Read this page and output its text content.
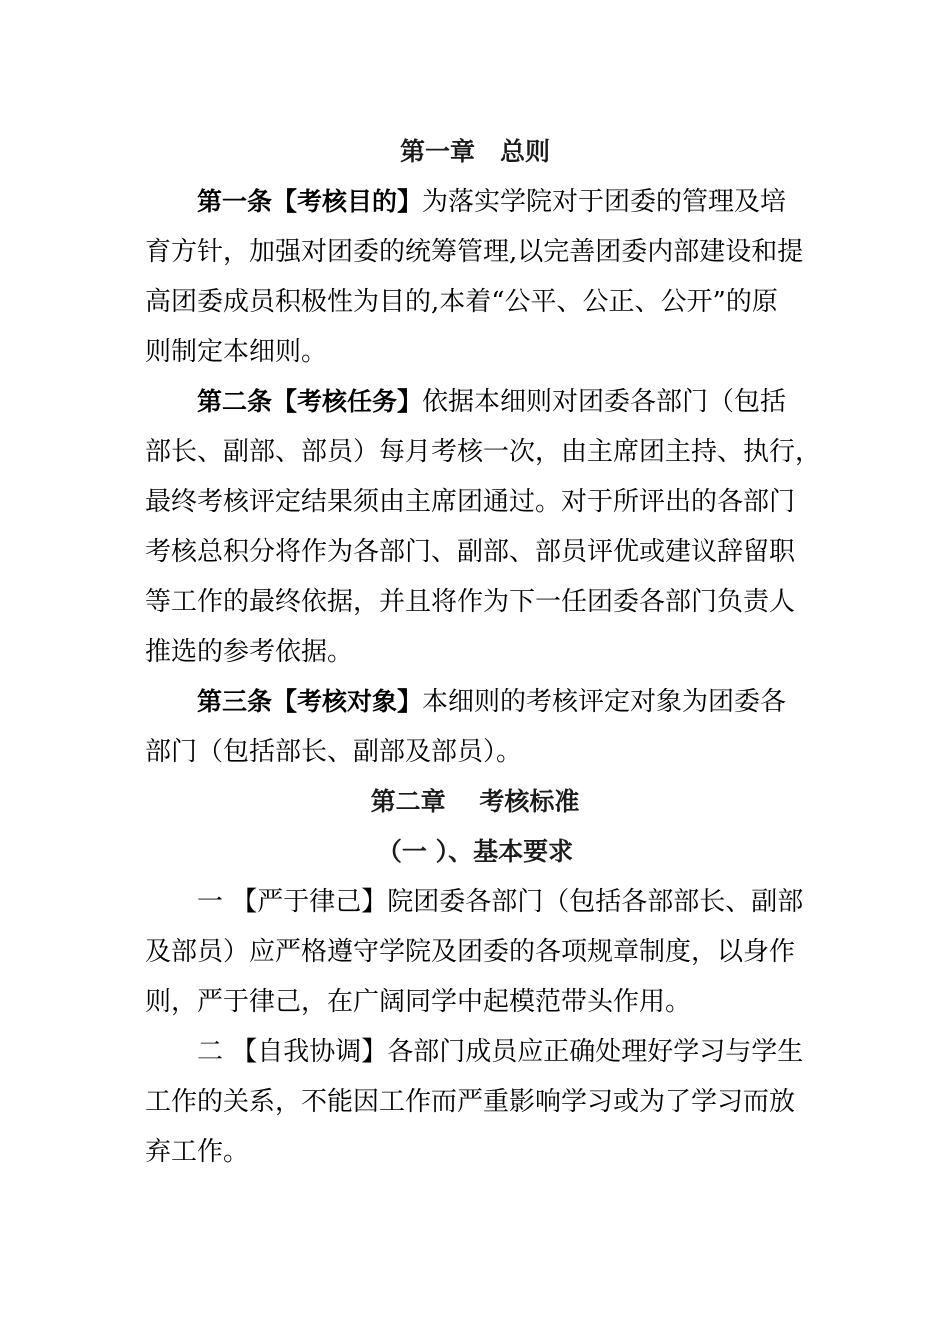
第一章　总则
第一条【考核目的】为落实学院对于团委的管理及培
育方针，加强对团委的统筹管理,以完善团委内部建设和提
高团委成员积极性为目的,本着“公平、公正、公开”的原
则制定本细则。
第二条【考核任务】依据本细则对团委各部门（包括
部长、副部、部员）每月考核一次，由主席团主持、执行，
最终考核评定结果须由主席团通过。对于所评出的各部门
考核总积分将作为各部门、副部、部员评优或建议辞留职
等工作的最终依据，并且将作为下一任团委各部门负责人
推选的参考依据。
第三条【考核对象】本细则的考核评定对象为团委各
部门（包括部长、副部及部员）。
第二章　 考核标准
（一 ）、基本要求
一 【严于律己】院团委各部门（包括各部部长、副部
及部员）应严格遵守学院及团委的各项规章制度，以身作
则，严于律己，在广阔同学中起模范带头作用。
二 【自我协调】各部门成员应正确处理好学习与学生
工作的关系，不能因工作而严重影响学习或为了学习而放
弃工作。
